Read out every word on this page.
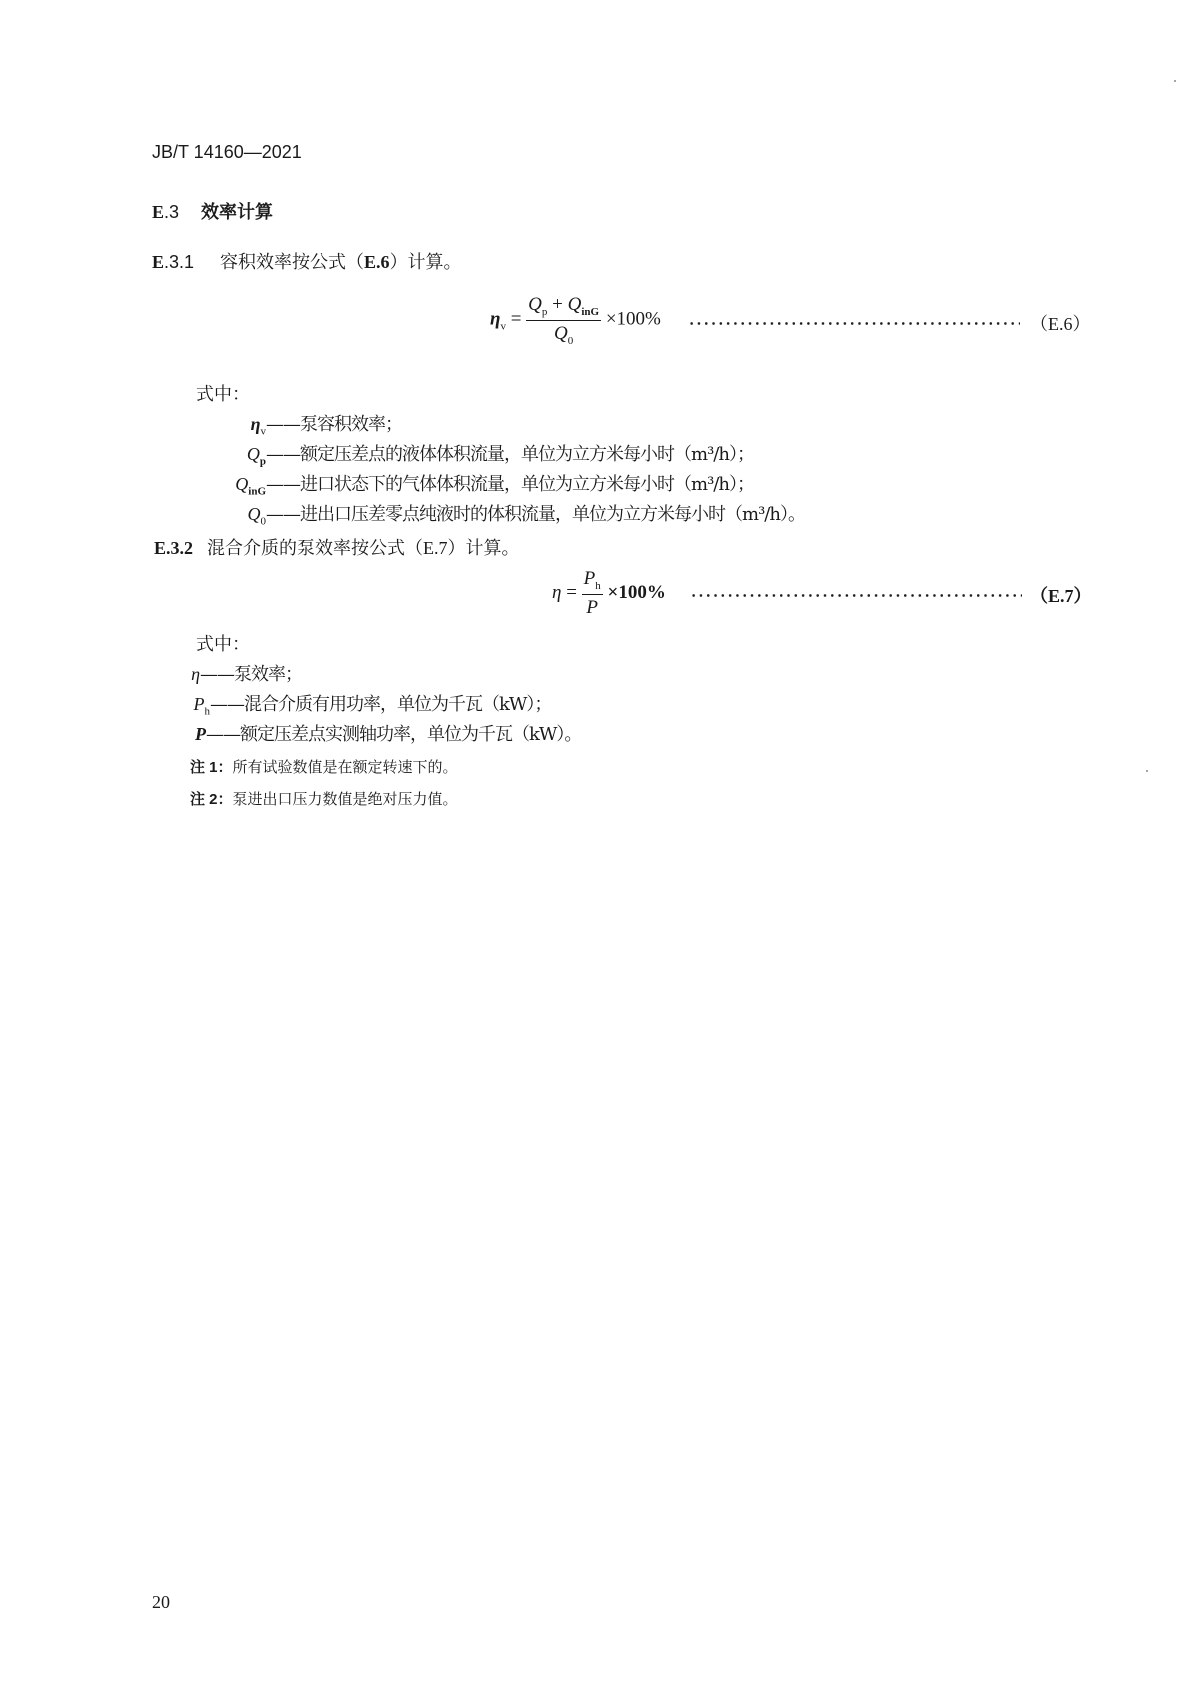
JB/T 14160—2021
E.3 效率计算
E.3.1 容积效率按公式（E.6）计算。
$\eta_v = \frac{Q_p + Q_{inG}}{Q_0} \times 100\%$	（E.6）
式中：
$\eta_v——$泵容积效率；
$Q_p——$额定压差点的液体体积流量，单位为立方米每小时（m³/h）；
$Q_{inG}——$进口状态下的气体体积流量，单位为立方米每小时（m³/h）；
$Q_0——$进出口压差零点纯液时的体积流量，单位为立方米每小时（m³/h）。
E.3.2 混合介质的泵效率按公式（E.7）计算。
$\eta = \frac{P_h}{P} \times 100\%$	（E.7）
式中：
η——泵效率；
$P_h——$混合介质有用功率，单位为千瓦（kW）；
P——额定压差点实测轴功率，单位为千瓦（kW）。
注 1：所有试验数值是在额定转速下的。
注 2：泵进出口压力数值是绝对压力值。
20
